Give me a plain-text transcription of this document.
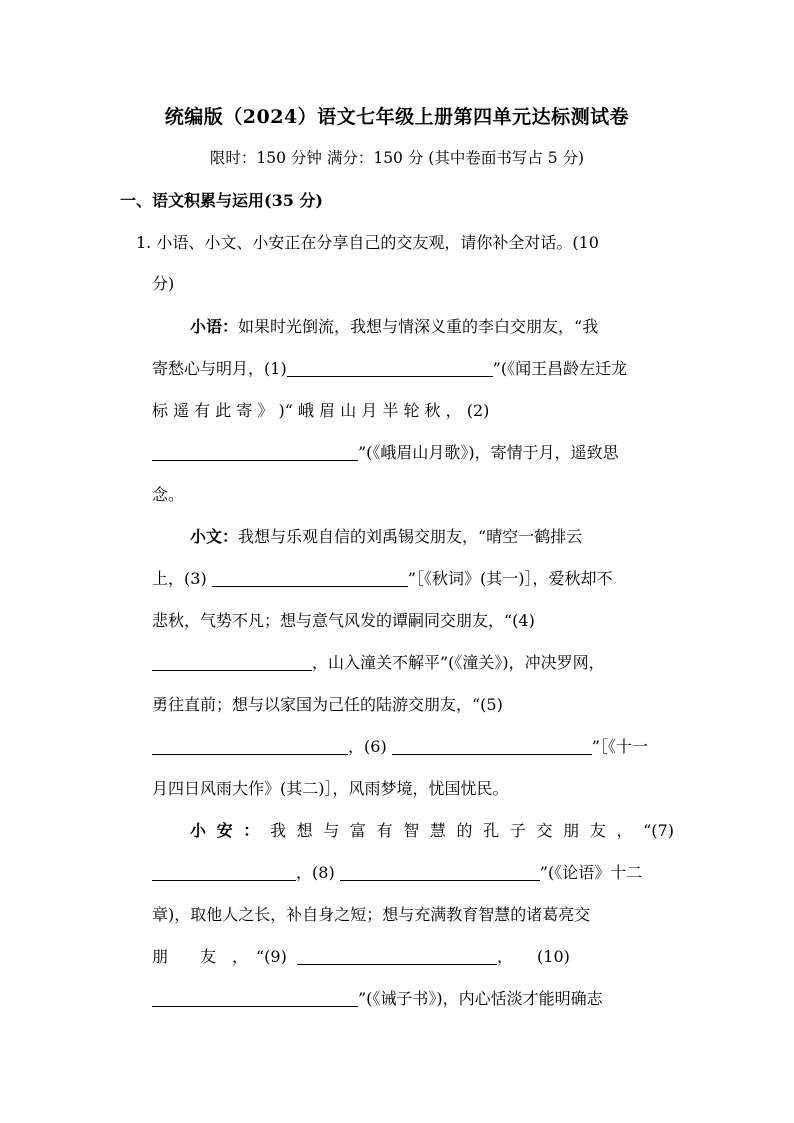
统编版（2024）语文七年级上册第四单元达标测试卷
限时：150 分钟 满分：150 分 (其中卷面书写占 5 分)
一、语文积累与运用(35 分)
1. 小语、小文、小安正在分享自己的交友观，请你补全对话。(10
分)
小语：如果时光倒流，我想与情深义重的李白交朋友，“我
寄愁心与明月，(1)	”(《闻王昌龄左迁龙
标 遥 有 此 寄 》 )“ 峨 眉 山 月 半 轮 秋 ， (2)
”(《峨眉山月歌》)，寄情于月，遥致思
念。
小文：我想与乐观自信的刘禹锡交朋友，“晴空一鹤排云
上，(3)	”［《秋词》(其一)］，爱秋却不
悲秋，气势不凡；想与意气风发的谭嗣同交朋友，“(4)
，山入潼关不解平”(《潼关》)，冲决罗网，
勇往直前；想与以家国为己任的陆游交朋友，“(5)
，(6)	”［《十一
月四日风雨大作》(其二)］，风雨梦境，忧国忧民。
小安：我想与富有智慧的孔子交朋友，“(7)
，(8)	”(《论语》十二
章)，取他人之长，补自身之短；想与充满教育智慧的诸葛亮交
朋　　友　，　“(9)	，　　(10)
”(《诫子书》)，内心恬淡才能明确志
